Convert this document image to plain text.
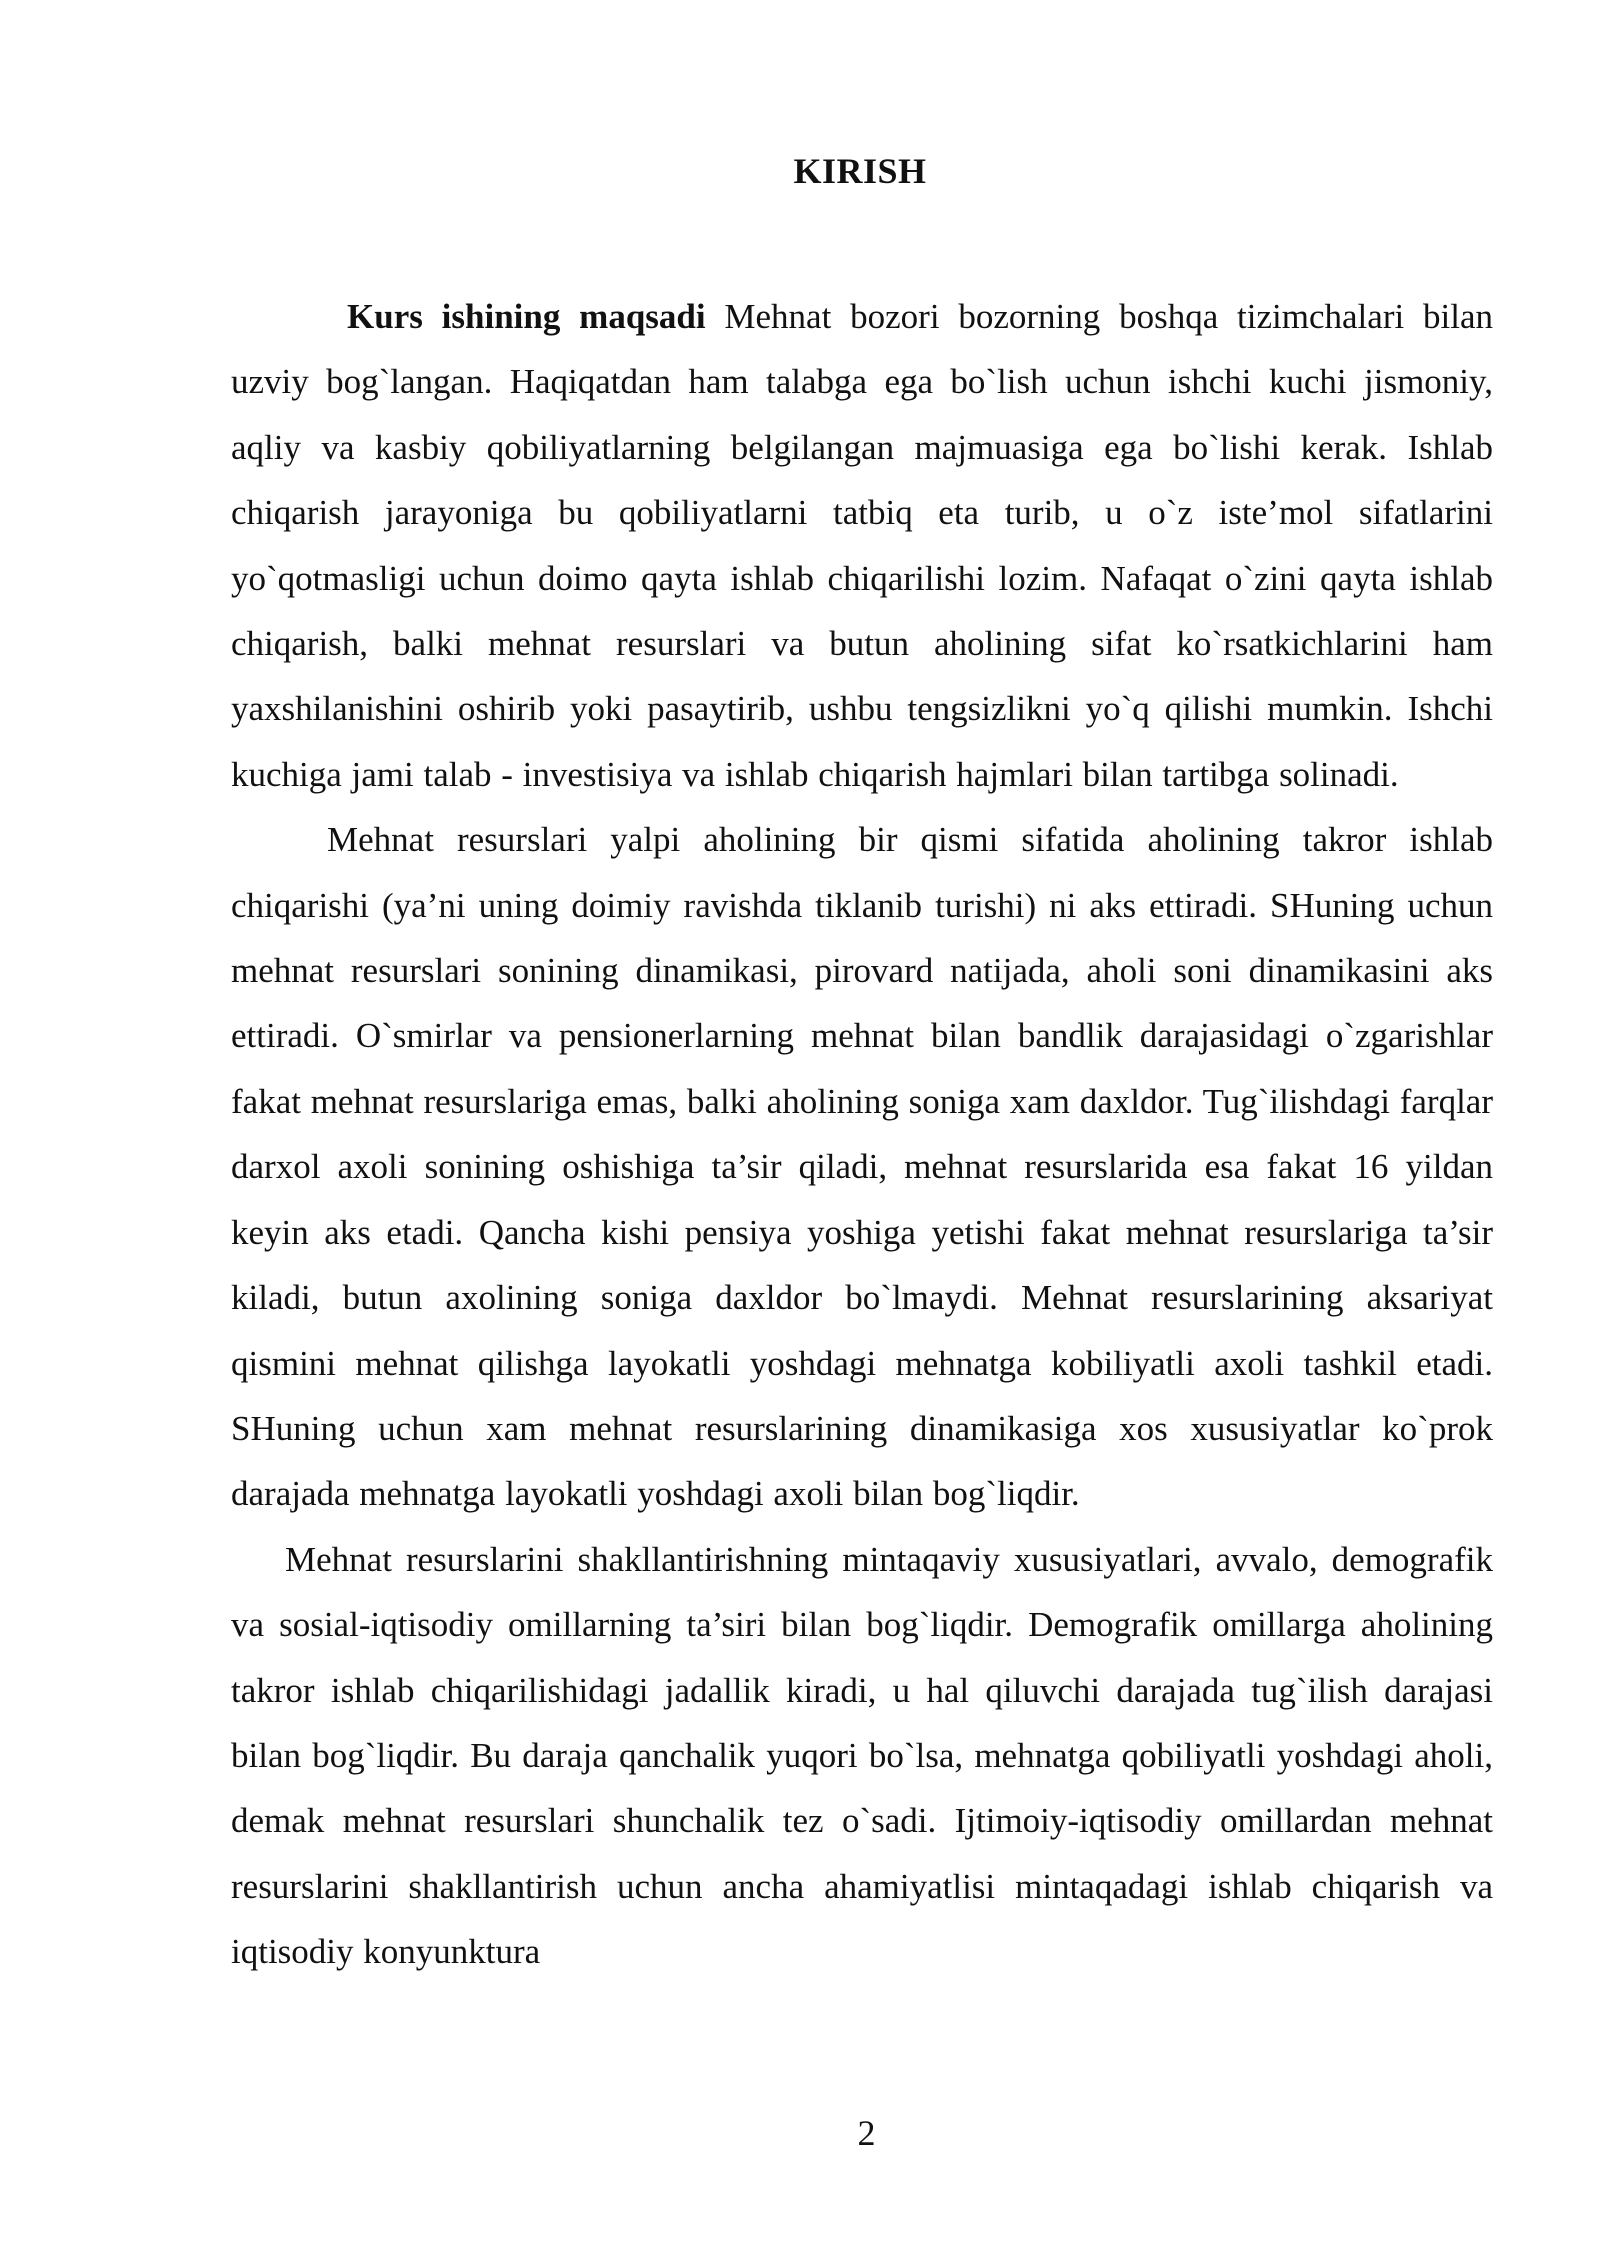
KIRISH

Kurs ishining maqsadi Mehnat bozori bozorning boshqa tizimchalari bilan uzviy bog`langan. Haqiqatdan ham talabga ega bo`lish uchun ishchi kuchi jismoniy, aqliy va kasbiy qobiliyatlarning belgilangan majmuasiga ega bo`lishi kerak. Ishlab chiqarish jarayoniga bu qobiliyatlarni tatbiq eta turib, u o`z iste’mol sifatlarini yo`qotmasligi uchun doimo qayta ishlab chiqarilishi lozim. Nafaqat o`zini qayta ishlab chiqarish, balki mehnat resurslari va butun aholining sifat ko`rsatkichlarini ham yaxshilanishini oshirib yoki pasaytirib, ushbu tengsizlikni yo`q qilishi mumkin. Ishchi kuchiga jami talab - investisiya va ishlab chiqarish hajmlari bilan tartibga solinadi.

Mehnat resurslari yalpi aholining bir qismi sifatida aholining takror ishlab chiqarishi (ya’ni uning doimiy ravishda tiklanib turishi) ni aks ettiradi. SHuning uchun mehnat resurslari sonining dinamikasi, pirovard natijada, aholi soni dinamikasini aks ettiradi. O`smirlar va pensionerlarning mehnat bilan bandlik darajasidagi o`zgarishlar fakat mehnat resurslariga emas, balki aholining soniga xam daxldor. Tug`ilishdagi farqlar darxol axoli sonining oshishiga ta’sir qiladi, mehnat resurslarida esa fakat 16 yildan keyin aks etadi. Qancha kishi pensiya yoshiga yetishi fakat mehnat resurslariga ta’sir kiladi, butun axolining soniga daxldor bo`lmaydi. Mehnat resurslarining aksariyat qismini mehnat qilishga layokatli yoshdagi mehnatga kobiliyatli axoli tashkil etadi. SHuning uchun xam mehnat resurslarining dinamikasiga xos xususiyatlar ko`prok darajada mehnatga layokatli yoshdagi axoli bilan bog`liqdir.

Mehnat resurslarini shakllantirishning mintaqaviy xususiyatlari, avvalo, demografik va sosial-iqtisodiy omillarning ta’siri bilan bog`liqdir. Demografik omillarga aholining takror ishlab chiqarilishidagi jadallik kiradi, u hal qiluvchi darajada tug`ilish darajasi bilan bog`liqdir. Bu daraja qanchalik yuqori bo`lsa, mehnatga qobiliyatli yoshdagi aholi, demak mehnat resurslari shunchalik tez o`sadi. Ijtimoiy-iqtisodiy omillardan mehnat resurslarini shakllantirish uchun ancha ahamiyatlisi mintaqadagi ishlab chiqarish va iqtisodiy konyunktura

2
